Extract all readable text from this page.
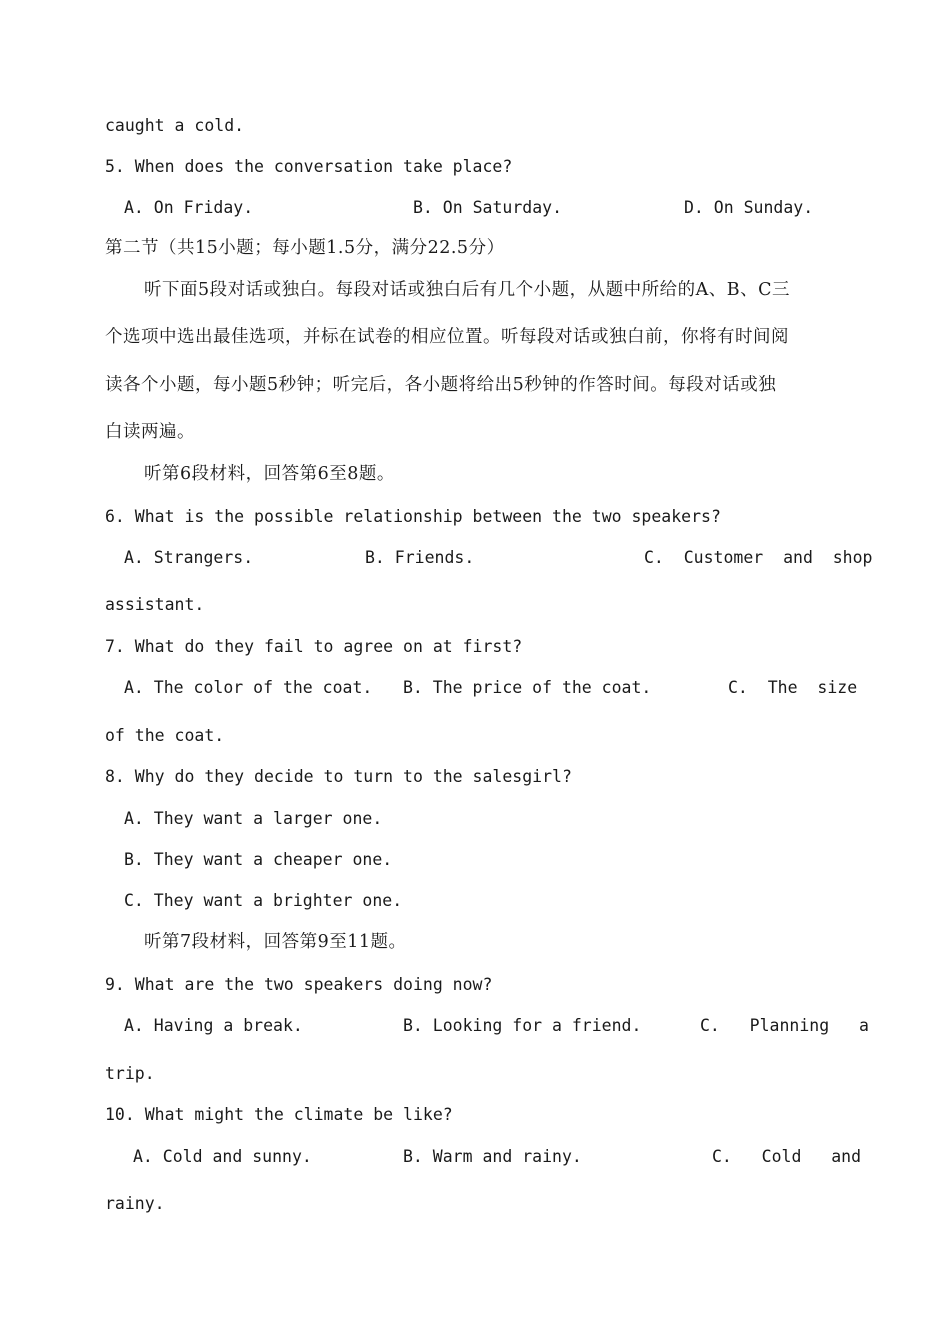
caught a cold.
5. When does the conversation take place?
A. On Friday.	B. On Saturday.	D. On Sunday.
第二节（共15小题；每小题1.5分，满分22.5分）
听下面5段对话或独白。每段对话或独白后有几个小题，从题中所给的A、B、C三
个选项中选出最佳选项，并标在试卷的相应位置。听每段对话或独白前，你将有时间阅
读各个小题，每小题5秒钟；听完后，各小题将给出5秒钟的作答时间。每段对话或独
白读两遍。
听第6段材料，回答第6至8题。
6. What is the possible relationship between the two speakers?
A. Strangers.	B. Friends.	C.  Customer  and  shop
assistant.
7. What do they fail to agree on at first?
A. The color of the coat. B. The price of the coat.	C.  The  size
of the coat.
8. Why do they decide to turn to the salesgirl?
A. They want a larger one.
B. They want a cheaper one.
C. They want a brighter one.
听第7段材料，回答第9至11题。
9. What are the two speakers doing now?
A. Having a break.	B. Looking for a friend.	C.   Planning   a
trip.
10. What might the climate be like?
A. Cold and sunny.	B. Warm and rainy.	C.   Cold   and
rainy.
